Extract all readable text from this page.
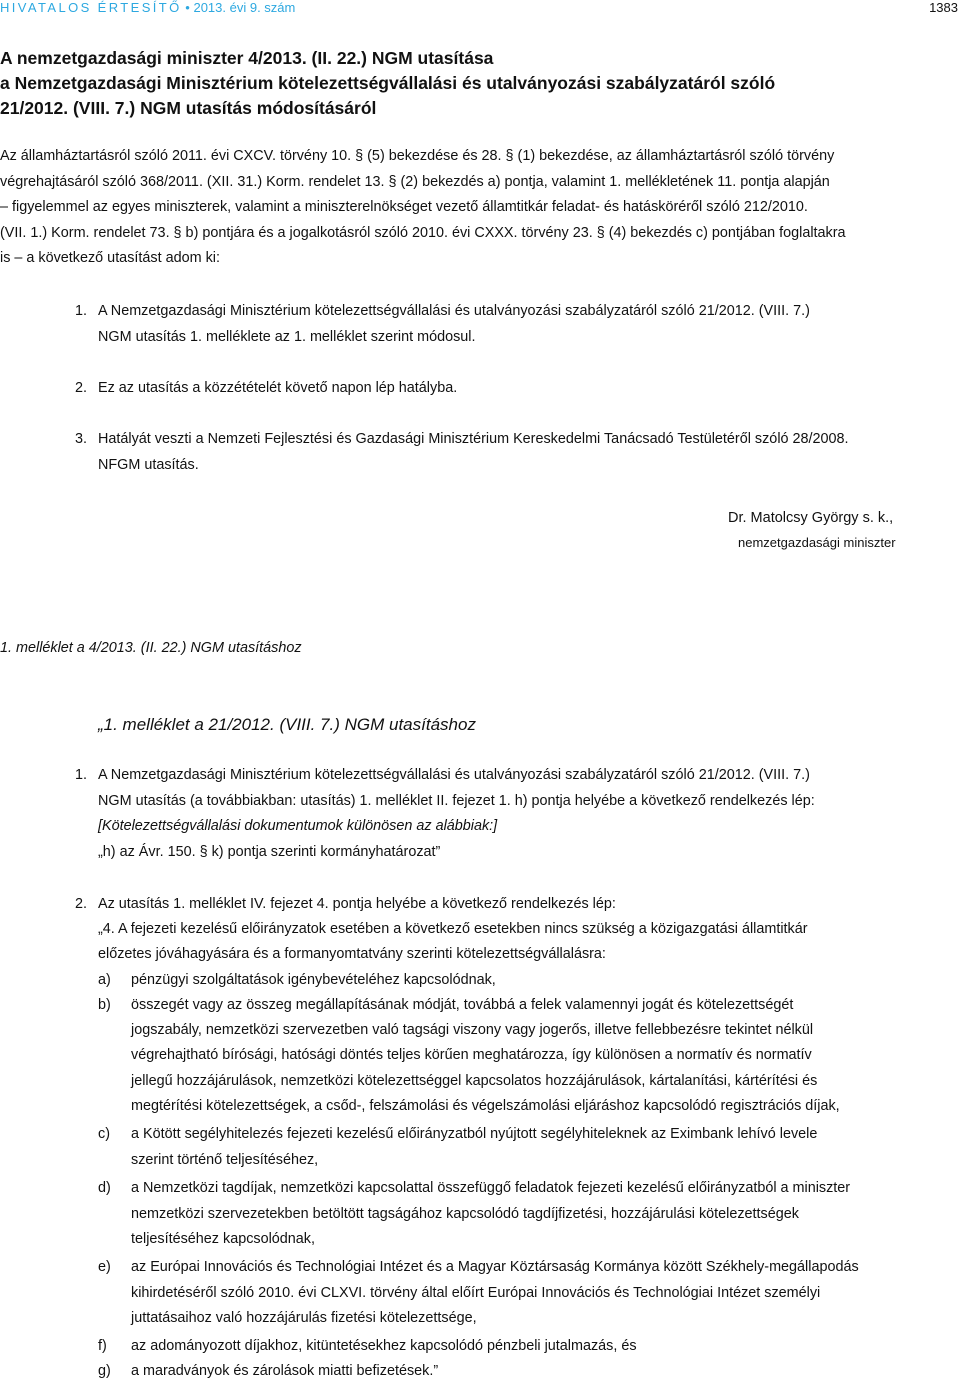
HIVATALOS ÉRTESÍTŐ • 2013. évi 9. szám	1383
A nemzetgazdasági miniszter 4/2013. (II. 22.) NGM utasítása
a Nemzetgazdasági Minisztérium kötelezettségvállalási és utalványozási szabályzatáról szóló
21/2012. (VIII. 7.) NGM utasítás módosításáról
Az államháztartásról szóló 2011. évi CXCV. törvény 10. § (5) bekezdése és 28. § (1) bekezdése, az államháztartásról szóló törvény
végrehajtásáról szóló 368/2011. (XII. 31.) Korm. rendelet 13. § (2) bekezdés a) pontja, valamint 1. mellékletének 11. pontja alapján
– figyelemmel az egyes miniszterek, valamint a miniszterelnökséget vezető államtitkár feladat- és hatásköréről szóló 212/2010.
(VII. 1.) Korm. rendelet 73. § b) pontjára és a jogalkotásról szóló 2010. évi CXXX. törvény 23. § (4) bekezdés c) pontjában foglaltakra
is – a következő utasítást adom ki:
1. A Nemzetgazdasági Minisztérium kötelezettségvállalási és utalványozási szabályzatáról szóló 21/2012. (VIII. 7.)
NGM utasítás 1. melléklete az 1. melléklet szerint módosul.
2. Ez az utasítás a közzétételét követő napon lép hatályba.
3. Hatályát veszti a Nemzeti Fejlesztési és Gazdasági Minisztérium Kereskedelmi Tanácsadó Testületéről szóló 28/2008.
NFGM utasítás.
Dr. Matolcsy György s. k.,
nemzetgazdasági miniszter
1. melléklet a 4/2013. (II. 22.) NGM utasításhoz
„1. melléklet a 21/2012. (VIII. 7.) NGM utasításhoz
1. A Nemzetgazdasági Minisztérium kötelezettségvállalási és utalványozási szabályzatáról szóló 21/2012. (VIII. 7.)
NGM utasítás (a továbbiakban: utasítás) 1. melléklet II. fejezet 1. h) pontja helyébe a következő rendelkezés lép:
[Kötelezettségvállalási dokumentumok különösen az alábbiak:]
„h) az Ávr. 150. § k) pontja szerinti kormányhatározat”
2. Az utasítás 1. melléklet IV. fejezet 4. pontja helyébe a következő rendelkezés lép:
„4. A fejezeti kezelésű előirányzatok esetében a következő esetekben nincs szükség a közigazgatási államtitkár
előzetes jóváhagyására és a formanyomtatvány szerinti kötelezettségvállalásra:
a) pénzügyi szolgáltatások igénybevételéhez kapcsolódnak,
b) összegét vagy az összeg megállapításának módját, továbbá a felek valamennyi jogát és kötelezettségét
jogszabály, nemzetközi szervezetben való tagsági viszony vagy jogerős, illetve fellebbezésre tekintet nélkül
végrehajtható bírósági, hatósági döntés teljes körűen meghatározza, így különösen a normatív és normatív
jellegű hozzájárulások, nemzetközi kötelezettséggel kapcsolatos hozzájárulások, kártalanítási, kártérítési és
megtérítési kötelezettségek, a csőd-, felszámolási és végelszámolási eljáráshoz kapcsolódó regisztrációs díjak,
c) a Kötött segélyhitelezés fejezeti kezelésű előirányzatból nyújtott segélyhiteleknek az Eximbank lehívó levele
szerint történő teljesítéséhez,
d) a Nemzetközi tagdíjak, nemzetközi kapcsolattal összefüggő feladatok fejezeti kezelésű előirányzatból a miniszter
nemzetközi szervezetekben betöltött tagságához kapcsolódó tagdíjfizetési, hozzájárulási kötelezettségek
teljesítéséhez kapcsolódnak,
e) az Európai Innovációs és Technológiai Intézet és a Magyar Köztársaság Kormánya között Székhely-megállapodás
kihirdetéséről szóló 2010. évi CLXVI. törvény által előírt Európai Innovációs és Technológiai Intézet személyi
juttatásaihoz való hozzájárulás fizetési kötelezettsége,
f) az adományozott díjakhoz, kitüntetésekhez kapcsolódó pénzbeli jutalmazás, és
g) a maradványok és zárolások miatti befizetések.”
